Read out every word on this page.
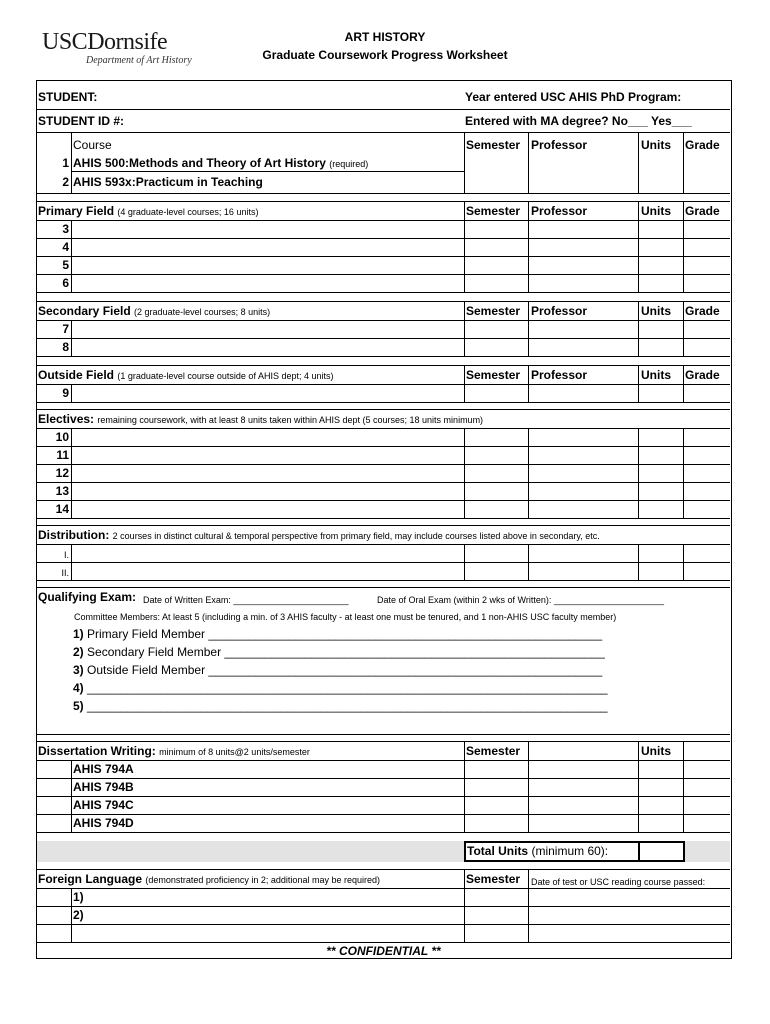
USCDornsife
Department of Art History
ART HISTORY
Graduate Coursework Progress Worksheet
STUDENT:	Year entered USC AHIS PhD Program:
STUDENT ID #:	Entered with MA degree? No___ Yes___
Course	Semester Professor	Units Grade
1 AHIS 500:Methods and Theory of Art History (required)
2 AHIS 593x:Practicum in Teaching
Primary Field (4 graduate-level courses; 16 units)	Semester Professor	Units Grade
3
4
5
6
Secondary Field (2 graduate-level courses; 8 units)	Semester Professor	Units Grade
7
8
Outside Field (1 graduate-level course outside of AHIS dept; 4 units)	Semester Professor	Units Grade
9
Electives: remaining coursework, with at least 8 units taken within AHIS dept (5 courses; 18 units minimum)
10
11
12
13
14
Distribution: 2 courses in distinct cultural & temporal perspective from primary field, may include courses listed above in secondary, etc.
I.
II.
Qualifying Exam: Date of Written Exam: _______________________	Date of Oral Exam (within 2 wks of Written): ______________________
Committee Members: At least 5 (including a min. of 3 AHIS faculty - at least one must be tenured, and 1 non-AHIS USC faculty member)
1) Primary Field Member ___________________________________________________________
2) Secondary Field Member _________________________________________________________
3) Outside Field Member ___________________________________________________________
4) ______________________________________________________________________________
5) ______________________________________________________________________________
Dissertation Writing: minimum of 8 units@2 units/semester	Semester	Units
AHIS 794A
AHIS 794B
AHIS 794C
AHIS 794D
Total Units (minimum 60):
Foreign Language (demonstrated proficiency in 2; additional may be required)	Semester Date of test or USC reading course passed:
1)
2)
** CONFIDENTIAL **
